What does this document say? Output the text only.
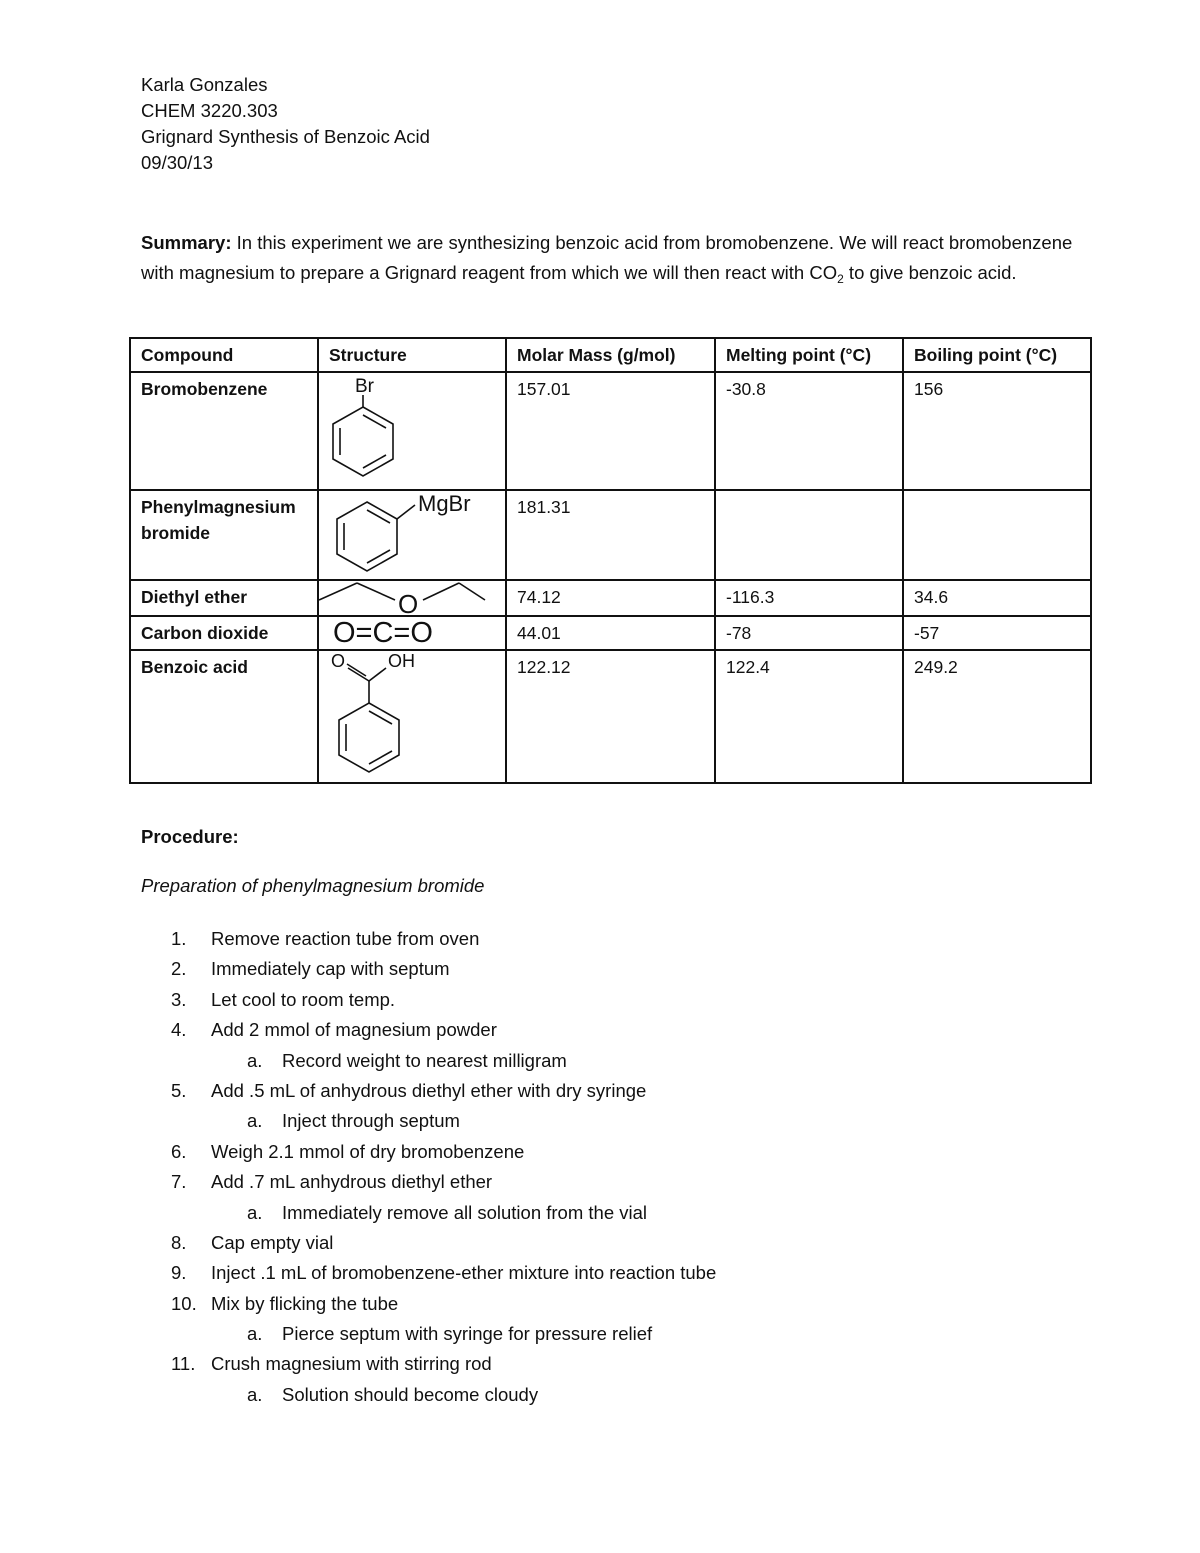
Karla Gonzales
CHEM 3220.303
Grignard Synthesis of Benzoic Acid
09/30/13
Summary: In this experiment we are synthesizing benzoic acid from bromobenzene. We will react bromobenzene with magnesium to prepare a Grignard reagent from which we will then react with $CO_2$ to give benzoic acid.
Compound	Structure	Molar Mass (g/mol)	Melting point (°C)	Boiling point (°C)
Bromobenzene	Br	157.01	-30.8	156
Phenylmagnesium bromide	MgBr	181.31		
Diethyl ether	O	74.12	-116.3	34.6
Carbon dioxide	O=C=O	44.01	-78	-57
Benzoic acid	O OH	122.12	122.4	249.2
Procedure:
Preparation of phenylmagnesium bromide
1.	Remove reaction tube from oven
2.	Immediately cap with septum
3.	Let cool to room temp.
4.	Add 2 mmol of magnesium powder
a.	Record weight to nearest milligram
5.	Add .5 mL of anhydrous diethyl ether with dry syringe
a.	Inject through septum
6.	Weigh 2.1 mmol of dry bromobenzene
7.	Add .7 mL anhydrous diethyl ether
a.	Immediately remove all solution from the vial
8.	Cap empty vial
9.	Inject .1 mL of bromobenzene-ether mixture into reaction tube
10. Mix by flicking the tube
a.	Pierce septum with syringe for pressure relief
11. Crush magnesium with stirring rod
a.	Solution should become cloudy
